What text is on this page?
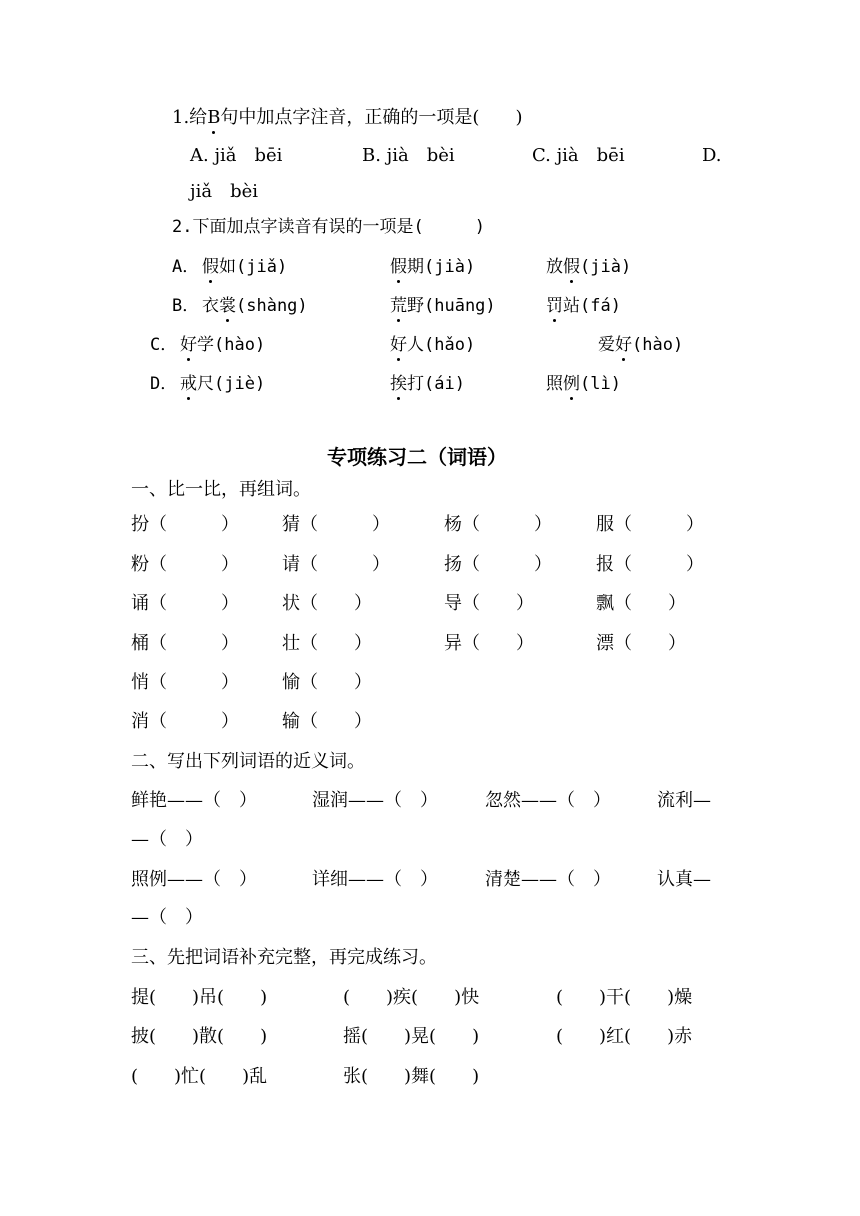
1.给B句中加点字注音，正确的一项是(　　)
A. jiǎ　bēi	B. jià　bèi	C. jià　bēi	D.
jiǎ　bèi
2.下面加点字读音有误的一项是(　　　)
A． 假如(jiǎ)	假期(jià)	放假(jià)
B． 衣裳(shàng)	荒野(huāng)	罚站(fá)
C． 好学(hào)	好人(hǎo)	爱好(hào)
D． 戒尺(jiè)	挨打(ái)	照例(lì)
专项练习二（词语）
一、比一比，再组词。
扮（　　　） 猜（　　　）	杨（　　　） 服（　　　）
粉（　　　） 请（　　　）	扬（　　　） 报（　　　）
诵（　　　） 状（　　）	导（　　）	飘（　　）
桶（　　　） 壮（　　）	异（　　）	漂（　　）
悄（　　　） 愉（　　）
消（　　　） 输（　　）
二、写出下列词语的近义词。
鲜艳——（　）	湿润——（　）	忽然——（　）	流利—
—（　）
照例——（　）	详细——（　）	清楚——（　）	认真—
—（　）
三、先把词语补充完整，再完成练习。
提(　　)吊(　　)	(　　)疾(　　)快	(　　)干(　　)燥
披(　　)散(　　)	摇(　　)晃(　　)	(　　)红(　　)赤
(　　)忙(　　)乱	张(　　)舞(　　)
